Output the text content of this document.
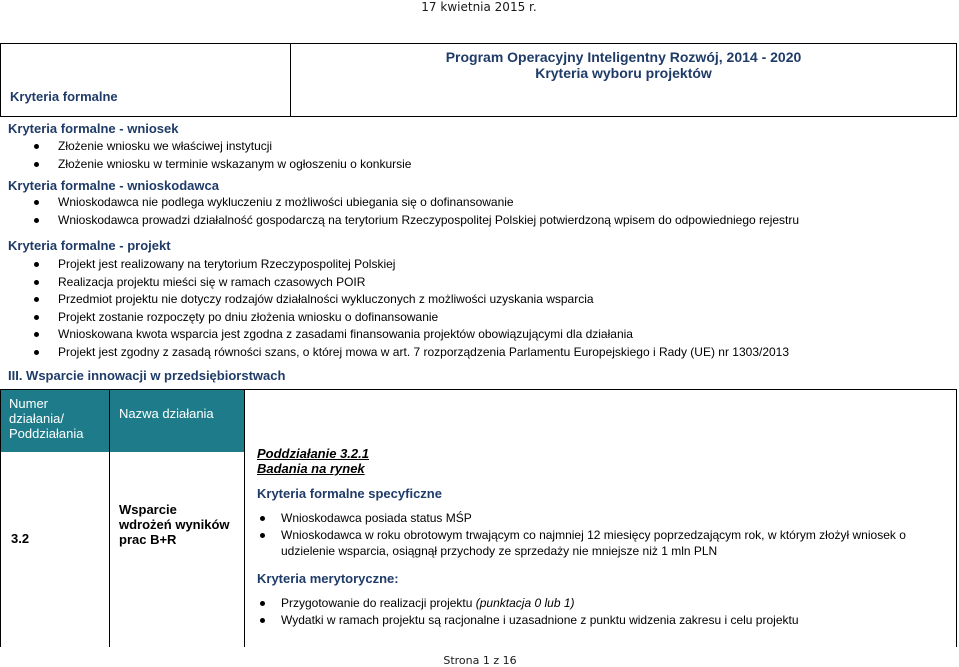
17 kwietnia 2015 r.
Kryteria formalne
Program Operacyjny Inteligentny Rozwój, 2014 - 2020
Kryteria wyboru projektów
Kryteria formalne - wniosek
Złożenie wniosku we właściwej instytucji
Złożenie wniosku w terminie wskazanym w ogłoszeniu o konkursie
Kryteria formalne - wnioskodawca
Wnioskodawca nie podlega wykluczeniu z możliwości ubiegania się o dofinansowanie
Wnioskodawca prowadzi działalność gospodarczą na terytorium Rzeczypospolitej Polskiej potwierdzoną wpisem do odpowiedniego rejestru
Kryteria formalne - projekt
Projekt jest realizowany na terytorium Rzeczypospolitej Polskiej
Realizacja projektu mieści się w ramach czasowych POIR
Przedmiot projektu nie dotyczy rodzajów działalności wykluczonych z możliwości uzyskania wsparcia
Projekt zostanie rozpoczęty po dniu złożenia wniosku o dofinansowanie
Wnioskowana kwota wsparcia jest zgodna z zasadami finansowania projektów obowiązującymi dla działania
Projekt jest zgodny z zasadą równości szans, o której mowa w art. 7 rozporządzenia Parlamentu Europejskiego i Rady (UE) nr 1303/2013
III. Wsparcie innowacji w przedsiębiorstwach
Numer
działania/
Poddziałania
Nazwa działania
3.2
Wsparcie
wdrożeń wyników
prac B+R
Poddziałanie 3.2.1
Badania na rynek
Kryteria formalne specyficzne
Wnioskodawca posiada status MŚP
Wnioskodawca w roku obrotowym trwającym co najmniej 12 miesięcy poprzedzającym rok, w którym złożył wniosek o udzielenie wsparcia, osiągnął przychody ze sprzedaży nie mniejsze niż 1 mln PLN
Kryteria merytoryczne:
Przygotowanie do realizacji projektu (punktacja 0 lub 1)
Wydatki w ramach projektu są racjonalne i uzasadnione z punktu widzenia zakresu i celu projektu
Strona 1 z 16
